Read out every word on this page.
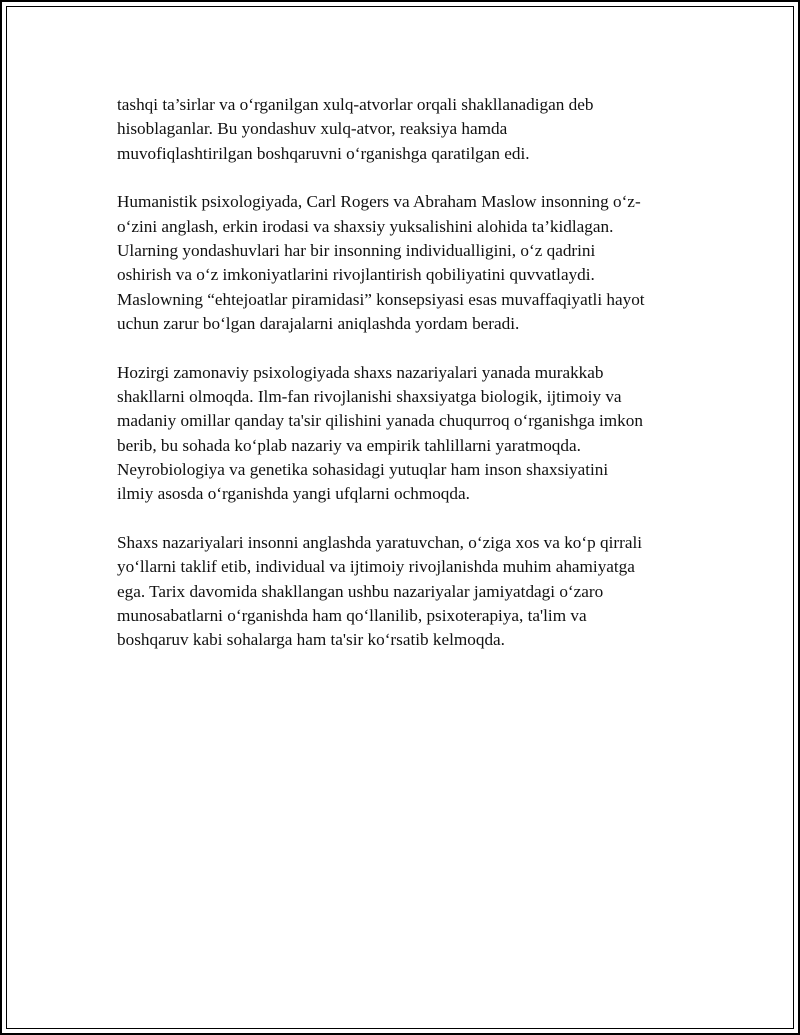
tashqi ta’sirlar va o‘rganilgan xulq-atvorlar orqali shakllanadigan deb
hisoblaganlar. Bu yondashuv xulq-atvor, reaksiya hamda
muvofiqlashtirilgan boshqaruvni o‘rganishga qaratilgan edi.

Humanistik psixologiyada, Carl Rogers va Abraham Maslow insonning o‘z-
o‘zini anglash, erkin irodasi va shaxsiy yuksalishini alohida ta’kidlagan.
Ularning yondashuvlari har bir insonning individualligini, o‘z qadrini
oshirish va o‘z imkoniyatlarini rivojlantirish qobiliyatini quvvatlaydi.
Maslowning “ehtejoatlar piramidasi” konsepsiyasi esas muvaffaqiyatli hayot
uchun zarur bo‘lgan darajalarni aniqlashda yordam beradi.

Hozirgi zamonaviy psixologiyada shaxs nazariyalari yanada murakkab
shakllarni olmoqda. Ilm-fan rivojlanishi shaxsiyatga biologik, ijtimoiy va
madaniy omillar qanday ta'sir qilishini yanada chuqurroq o‘rganishga imkon
berib, bu sohada ko‘plab nazariy va empirik tahlillarni yaratmoqda.
Neyrobiologiya va genetika sohasidagi yutuqlar ham inson shaxsiyatini
ilmiy asosda o‘rganishda yangi ufqlarni ochmoqda.

Shaxs nazariyalari insonni anglashda yaratuvchan, o‘ziga xos va ko‘p qirrali
yo‘llarni taklif etib, individual va ijtimoiy rivojlanishda muhim ahamiyatga
ega. Tarix davomida shakllangan ushbu nazariyalar jamiyatdagi o‘zaro
munosabatlarni o‘rganishda ham qo‘llanilib, psixoterapiya, ta'lim va
boshqaruv kabi sohalarga ham ta'sir ko‘rsatib kelmoqda.
